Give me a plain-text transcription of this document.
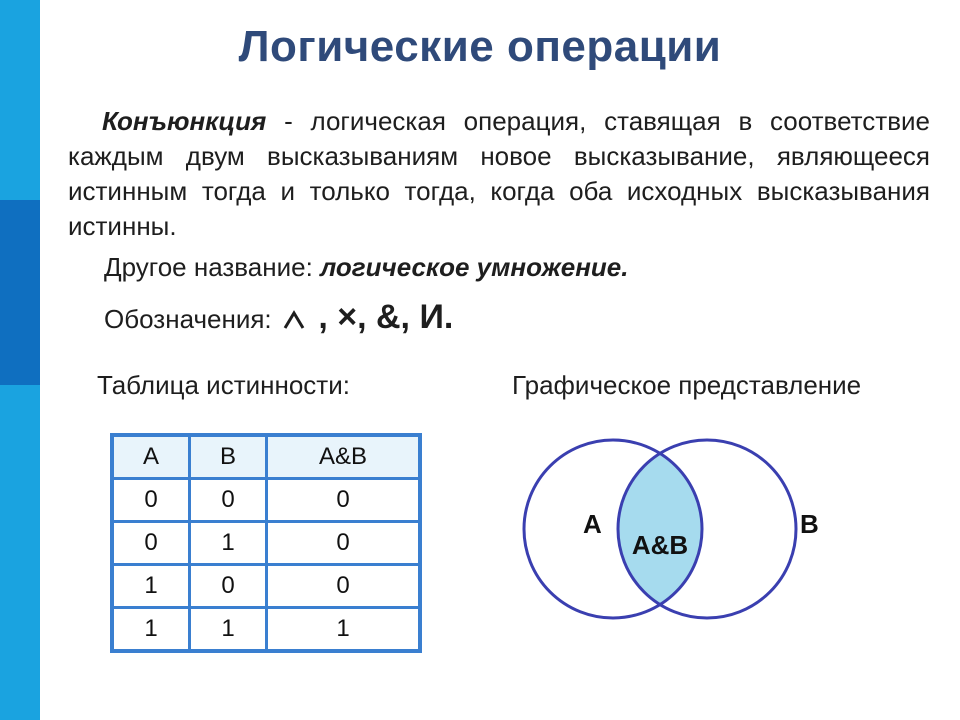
Логические операции
Конъюнкция - логическая операция, ставящая в соответствие каждым двум высказываниям новое высказывание, являющееся истинным тогда и только тогда, когда оба исходных высказывания истинны.
Другое название: логическое умножение.
Обозначения:  , ×, &, И.
Таблица истинности:	Графическое представление
A	B	A&B
0	0	0
0	1	0
1	0	0
1	1	1
A	B
A&B
